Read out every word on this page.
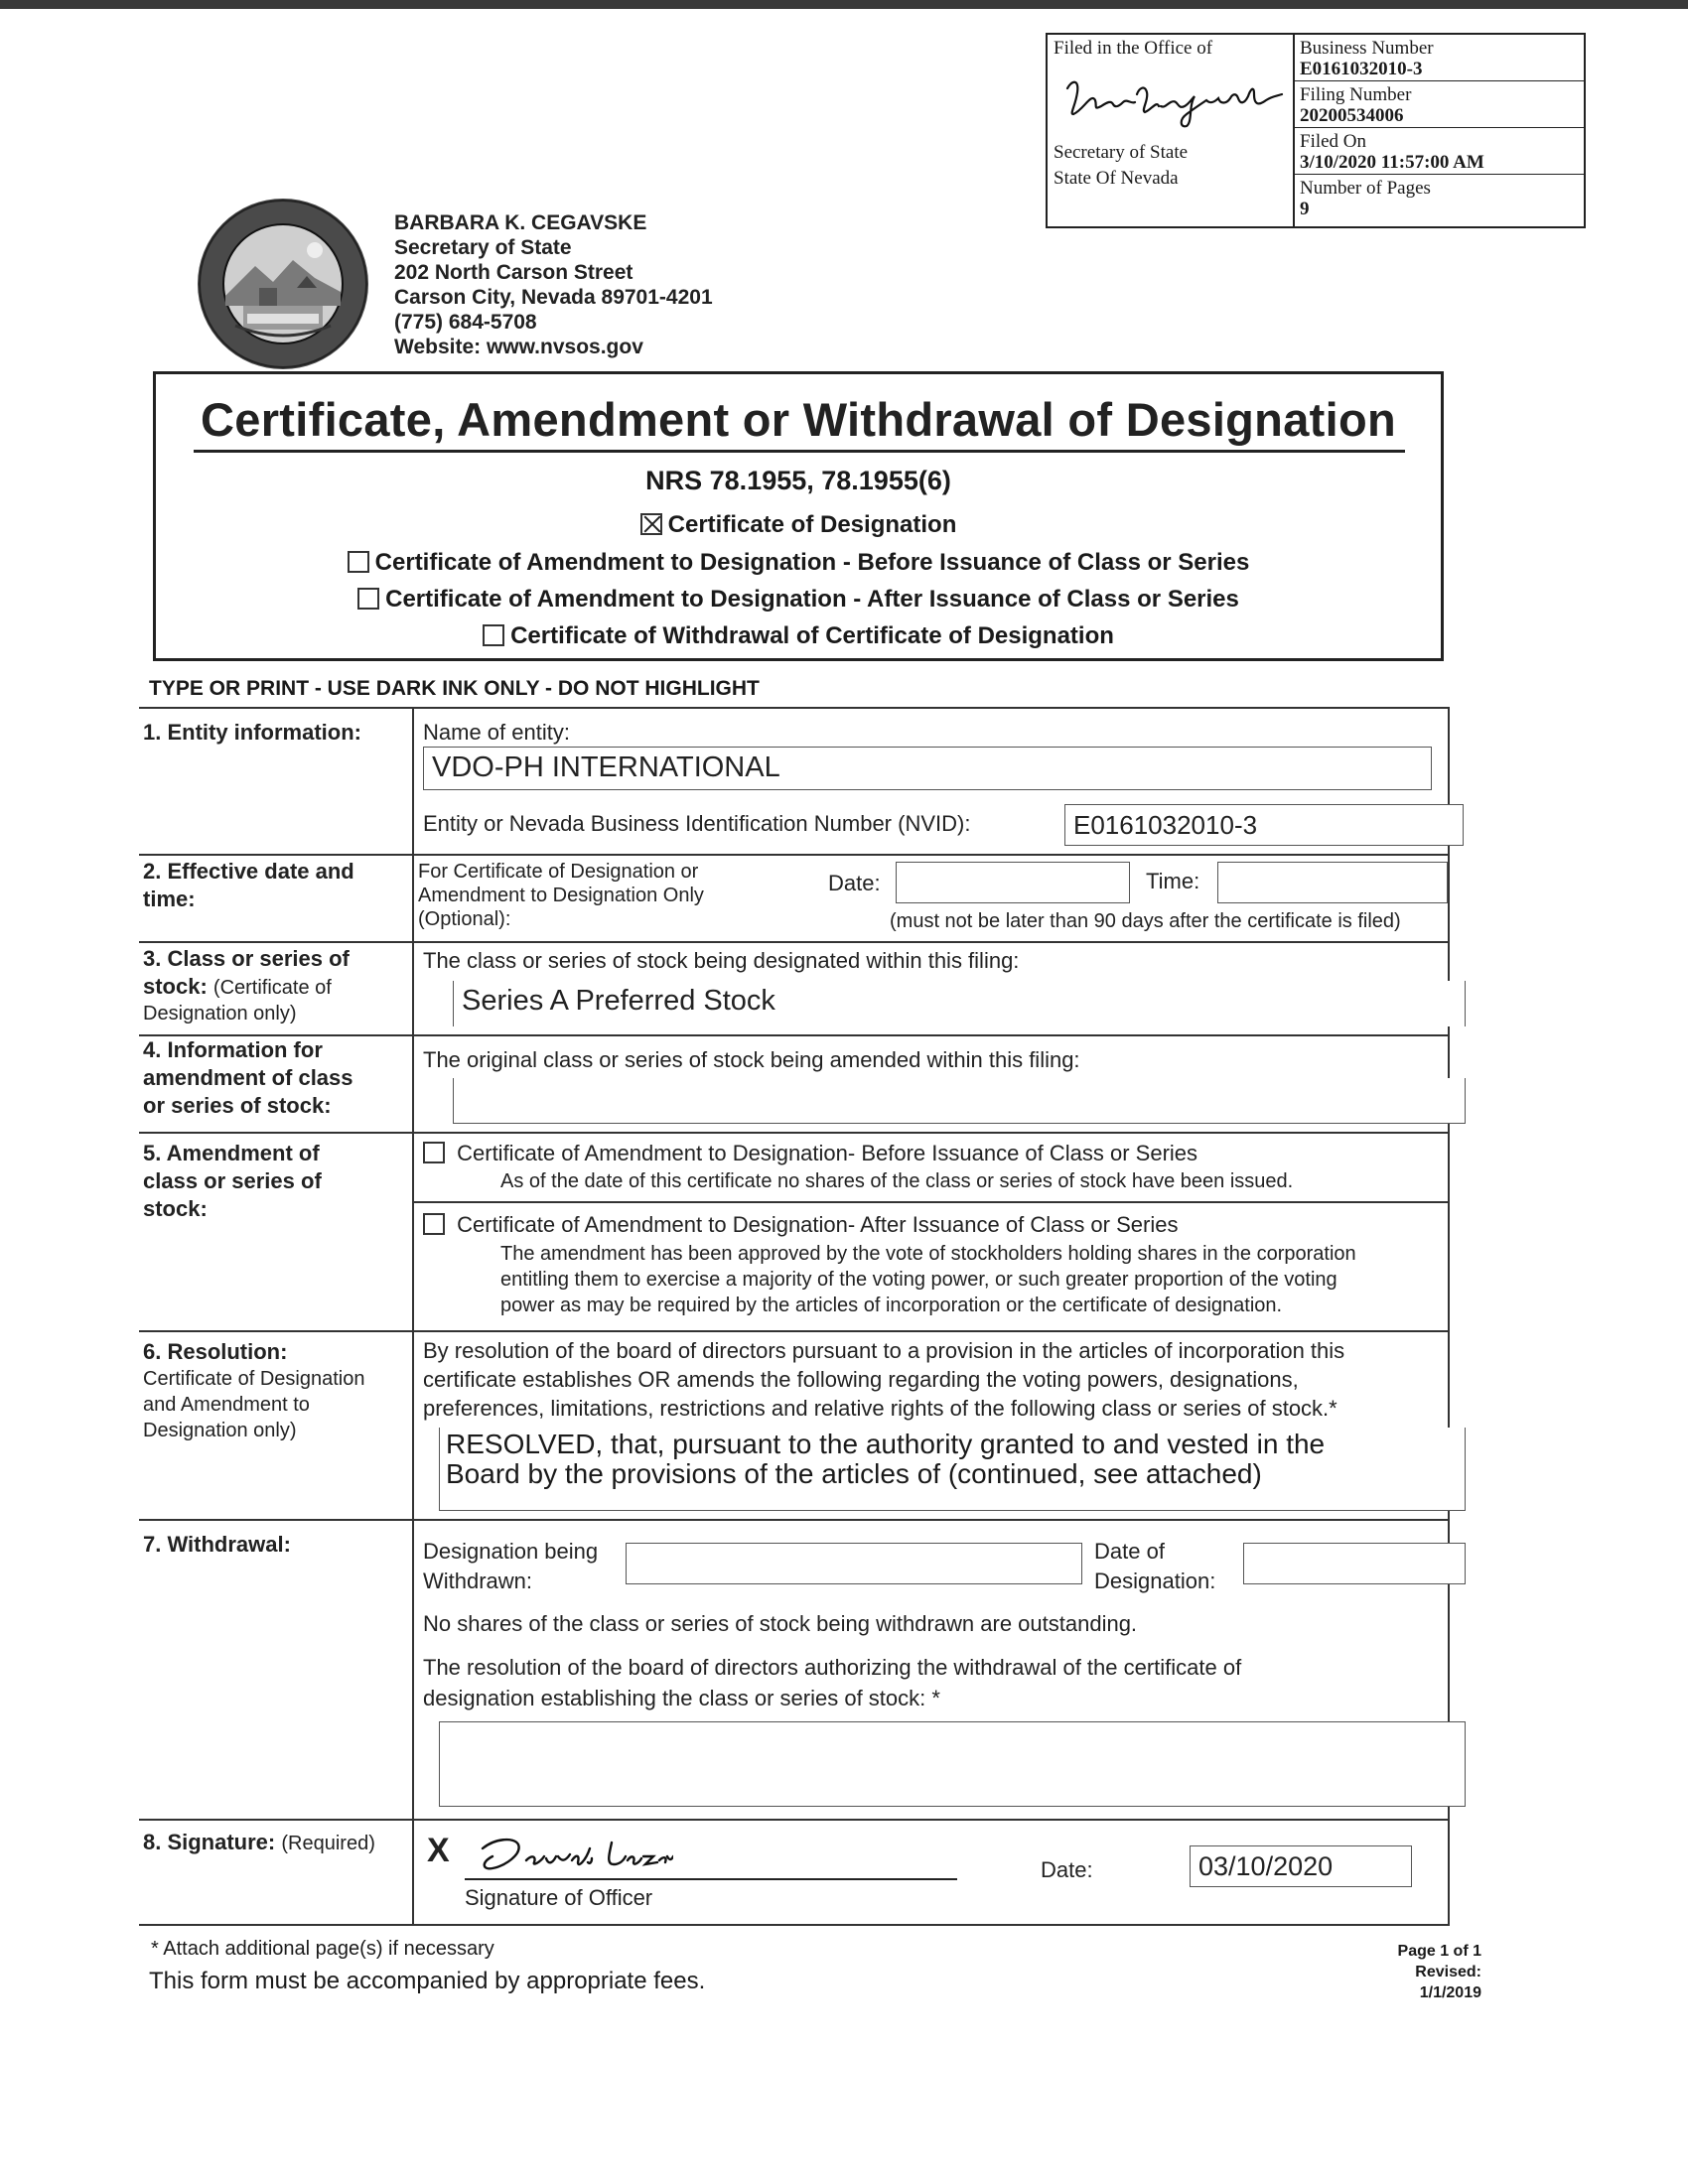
Filed in the Office of
Secretary of State
State Of Nevada
Business Number
E0161032010-3
Filing Number
20200534006
Filed On
3/10/2020 11:57:00 AM
Number of Pages
9
BARBARA K. CEGAVSKE
Secretary of State
202 North Carson Street
Carson City, Nevada 89701-4201
(775) 684-5708
Website: www.nvsos.gov
Certificate, Amendment or Withdrawal of Designation
NRS 78.1955, 78.1955(6)
Certificate of Designation
Certificate of Amendment to Designation - Before Issuance of Class or Series
Certificate of Amendment to Designation - After Issuance of Class or Series
Certificate of Withdrawal of Certificate of Designation
TYPE OR PRINT - USE DARK INK ONLY - DO NOT HIGHLIGHT
1. Entity information:	Name of entity:
VDO-PH INTERNATIONAL
Entity or Nevada Business Identification Number (NVID):	E0161032010-3
2. Effective date and
time:
For Certificate of Designation or
Amendment to Designation Only
(Optional):
Date:	Time:
(must not be later than 90 days after the certificate is filed)
3. Class or series of
stock: (Certificate of
Designation only)
The class or series of stock being designated within this filing:
Series A Preferred Stock
4. Information for
amendment of class
or series of stock:
The original class or series of stock being amended within this filing:
5. Amendment of
class or series of
stock:
Certificate of Amendment to Designation- Before Issuance of Class or Series
As of the date of this certificate no shares of the class or series of stock have been issued.
Certificate of Amendment to Designation- After Issuance of Class or Series
The amendment has been approved by the vote of stockholders holding shares in the corporation
entitling them to exercise a majority of the voting power, or such greater proportion of the voting
power as may be required by the articles of incorporation or the certificate of designation.
6. Resolution:
Certificate of Designation
and Amendment to
Designation only)
By resolution of the board of directors pursuant to a provision in the articles of incorporation this
certificate establishes OR amends the following regarding the voting powers, designations,
preferences, limitations, restrictions and relative rights of the following class or series of stock.*
RESOLVED, that, pursuant to the authority granted to and vested in the
Board by the provisions of the articles of (continued, see attached)
7. Withdrawal:	Designation being
Withdrawn:
Date of
Designation:
No shares of the class or series of stock being withdrawn are outstanding.
The resolution of the board of directors authorizing the withdrawal of the certificate of
designation establishing the class or series of stock: *
8. Signature: (Required) X
Signature of Officer
Date:	03/10/2020
* Attach additional page(s) if necessary
This form must be accompanied by appropriate fees.
Page 1 of 1
Revised: 1/1/2019
